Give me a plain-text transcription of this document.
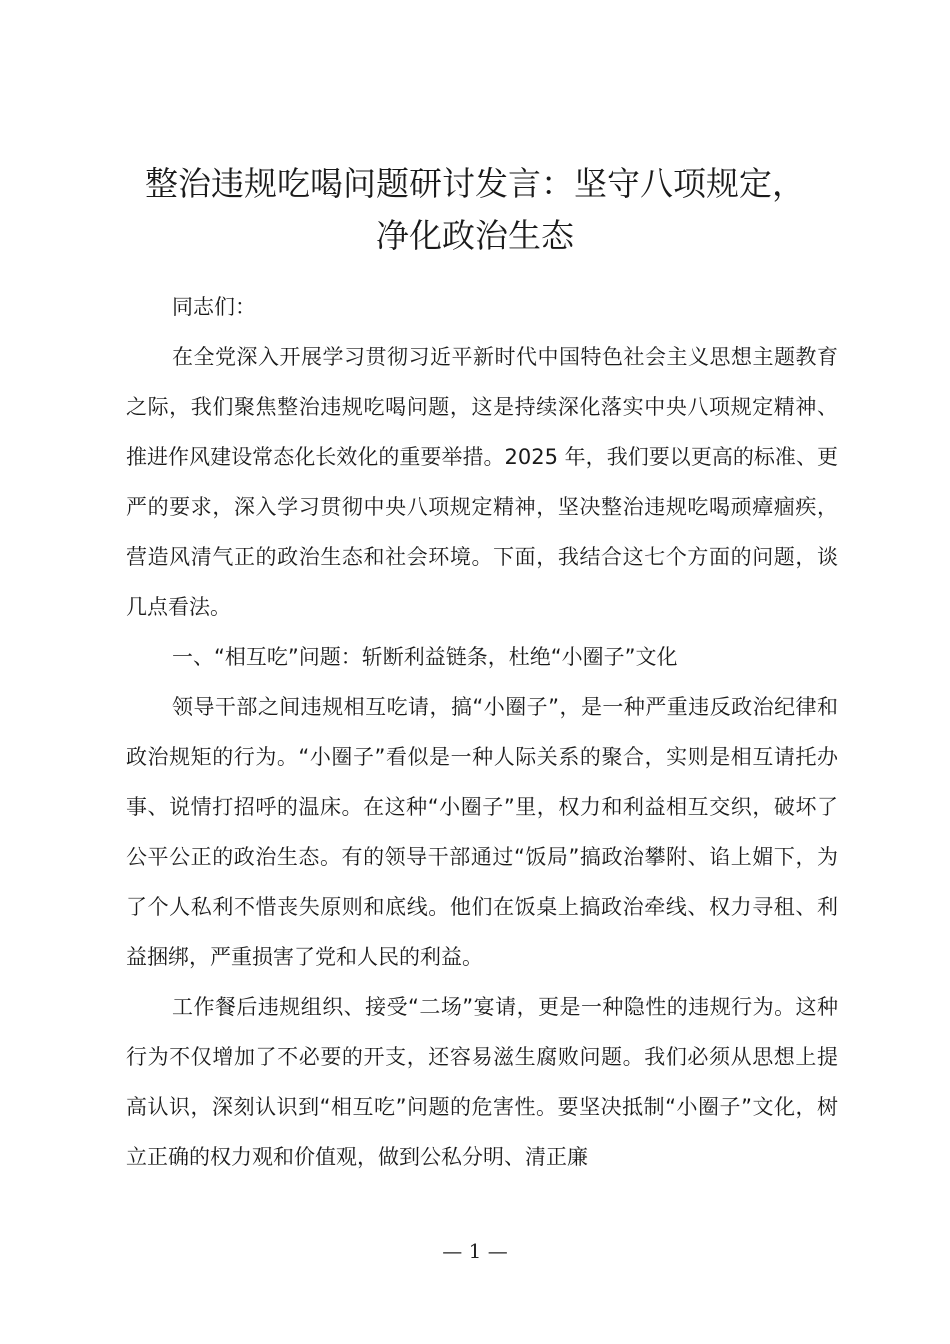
整治违规吃喝问题研讨发言：坚守八项规定，
净化政治生态

同志们：

在全党深入开展学习贯彻习近平新时代中国特色社会主义思想主题教育之际，我们聚焦整治违规吃喝问题，这是持续深化落实中央八项规定精神、推进作风建设常态化长效化的重要举措。2025 年，我们要以更高的标准、更严的要求，深入学习贯彻中央八项规定精神，坚决整治违规吃喝顽瘴痼疾，营造风清气正的政治生态和社会环境。下面，我结合这七个方面的问题，谈几点看法。

一、“相互吃”问题：斩断利益链条，杜绝“小圈子”文化

领导干部之间违规相互吃请，搞“小圈子”，是一种严重违反政治纪律和政治规矩的行为。“小圈子”看似是一种人际关系的聚合，实则是相互请托办事、说情打招呼的温床。在这种“小圈子”里，权力和利益相互交织，破坏了公平公正的政治生态。有的领导干部通过“饭局”搞政治攀附、谄上媚下，为了个人私利不惜丧失原则和底线。他们在饭桌上搞政治牵线、权力寻租、利益捆绑，严重损害了党和人民的利益。

工作餐后违规组织、接受“二场”宴请，更是一种隐性的违规行为。这种行为不仅增加了不必要的开支，还容易滋生腐败问题。我们必须从思想上提高认识，深刻认识到“相互吃”问题的危害性。要坚决抵制“小圈子”文化，树立正确的权力观和价值观，做到公私分明、清正廉

— 1 —
